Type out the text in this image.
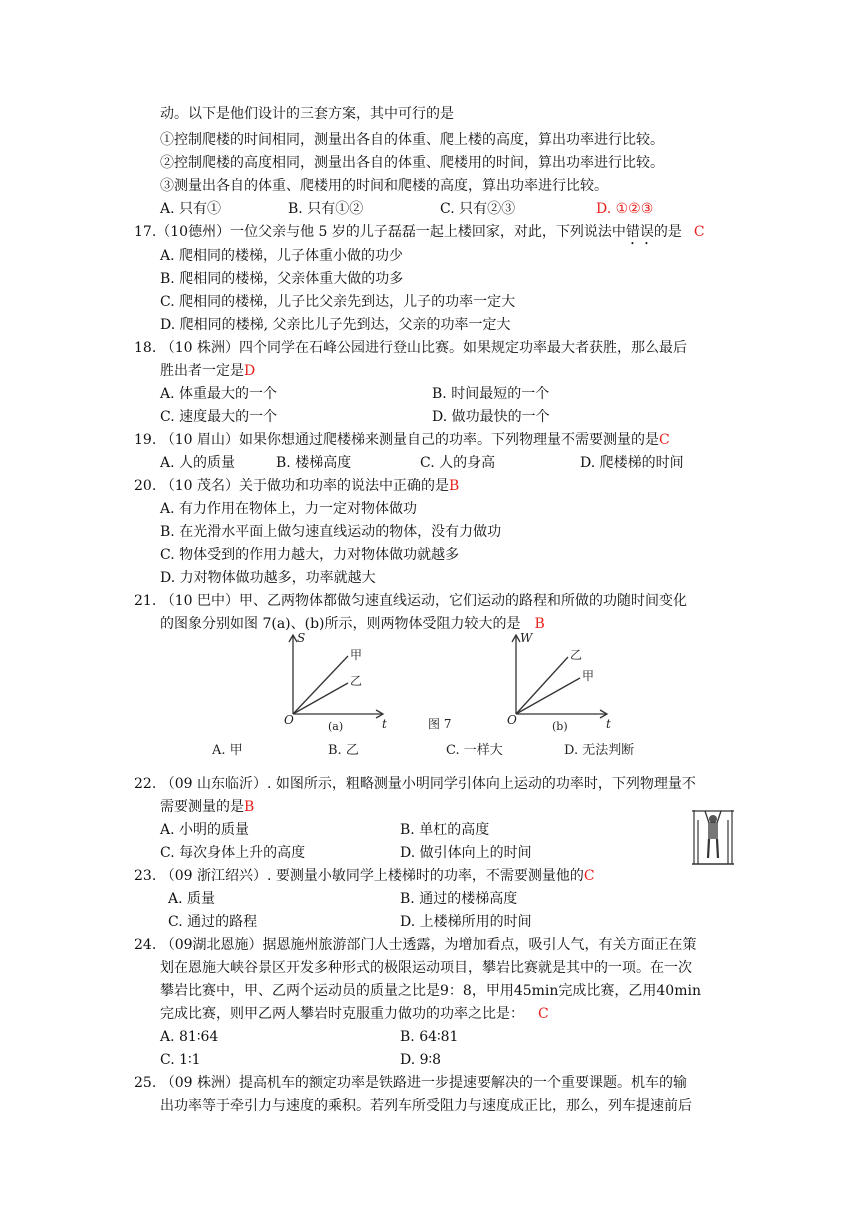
动。以下是他们设计的三套方案，其中可行的是
①控制爬楼的时间相同，测量出各自的体重、爬上楼的高度，算出功率进行比较。
②控制爬楼的高度相同，测量出各自的体重、爬楼用的时间，算出功率进行比较。
③测量出各自的体重、爬楼用的时间和爬楼的高度，算出功率进行比较。
A. 只有①	B. 只有①②	C. 只有②③	D. ①②③
17.（10德州）一位父亲与他 5 岁的儿子磊磊一起上楼回家，对此，下列说法中错误的是 C
A. 爬相同的楼梯，儿子体重小做的功少
B. 爬相同的楼梯，父亲体重大做的功多
C. 爬相同的楼梯，儿子比父亲先到达，儿子的功率一定大
D. 爬相同的楼梯, 父亲比儿子先到达，父亲的功率一定大
18. （10 株洲）四个同学在石峰公园进行登山比赛。如果规定功率最大者获胜，那么最后
胜出者一定是D
A. 体重最大的一个	B. 时间最短的一个
C. 速度最大的一个	D. 做功最快的一个
19. （10 眉山）如果你想通过爬楼梯来测量自己的功率。下列物理量不需要测量的是C
A. 人的质量	B. 楼梯高度	C. 人的身高	D. 爬楼梯的时间
20. （10 茂名）关于做功和功率的说法中正确的是B
A. 有力作用在物体上，力一定对物体做功
B. 在光滑水平面上做匀速直线运动的物体，没有力做功
C. 物体受到的作用力越大，力对物体做功就越多
D. 力对物体做功越多，功率就越大
21. （10 巴中）甲、乙两物体都做匀速直线运动，它们运动的路程和所做的功随时间变化
的图象分别如图 7(a)、(b)所示，则两物体受阻力较大的是 B
S
t
O
甲
乙
(a)
W
t
O
乙
甲
(b)
图 7
A. 甲	B. 乙	C. 一样大	D. 无法判断
22. （09 山东临沂）. 如图所示，粗略测量小明同学引体向上运动的功率时，下列物理量不
需要测量的是B
A. 小明的质量	B. 单杠的高度
C. 每次身体上升的高度	D. 做引体向上的时间
23. （09 浙江绍兴）. 要测量小敏同学上楼梯时的功率，不需要测量他的C
A. 质量	B. 通过的楼梯高度
C. 通过的路程	D. 上楼梯所用的时间
24. （09湖北恩施）据恩施州旅游部门人士透露，为增加看点，吸引人气，有关方面正在策
划在恩施大峡谷景区开发多种形式的极限运动项目，攀岩比赛就是其中的一项。在一次
攀岩比赛中，甲、乙两个运动员的质量之比是9：8，甲用45min完成比赛，乙用40min
完成比赛，则甲乙两人攀岩时克服重力做功的功率之比是： C
A. 81∶64	B. 64∶81
C. 1∶1	D. 9∶8
25. （09 株洲）提高机车的额定功率是铁路进一步提速要解决的一个重要课题。机车的输
出功率等于牵引力与速度的乘积。若列车所受阻力与速度成正比，那么，列车提速前后
